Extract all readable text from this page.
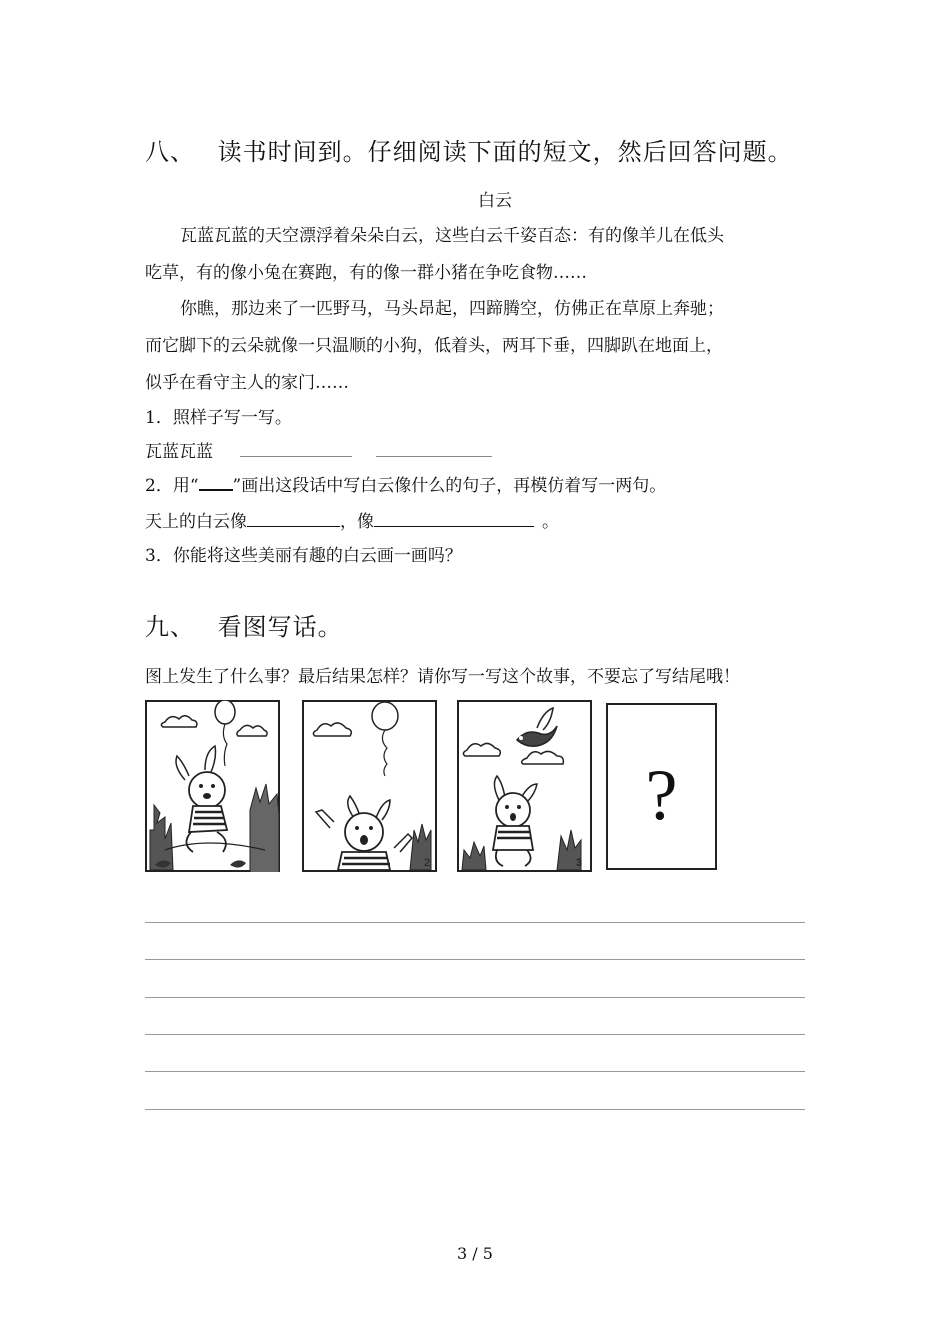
八、 读书时间到。仔细阅读下面的短文，然后回答问题。
白云
瓦蓝瓦蓝的天空漂浮着朵朵白云，这些白云千姿百态：有的像羊儿在低头
吃草，有的像小兔在赛跑，有的像一群小猪在争吃食物……
你瞧，那边来了一匹野马，马头昂起，四蹄腾空，仿佛正在草原上奔驰；
而它脚下的云朵就像一只温顺的小狗，低着头，两耳下垂，四脚趴在地面上，
似乎在看守主人的家门……
1．照样子写一写。
瓦蓝瓦蓝
2．用“ ”画出这段话中写白云像什么的句子，再模仿着写一两句。
天上的白云像	，像	。
3．你能将这些美丽有趣的白云画一画吗？
九、 看图写话。
图上发生了什么事？最后结果怎样？请你写一写这个故事，不要忘了写结尾哦！
2	3
?
3 / 5
